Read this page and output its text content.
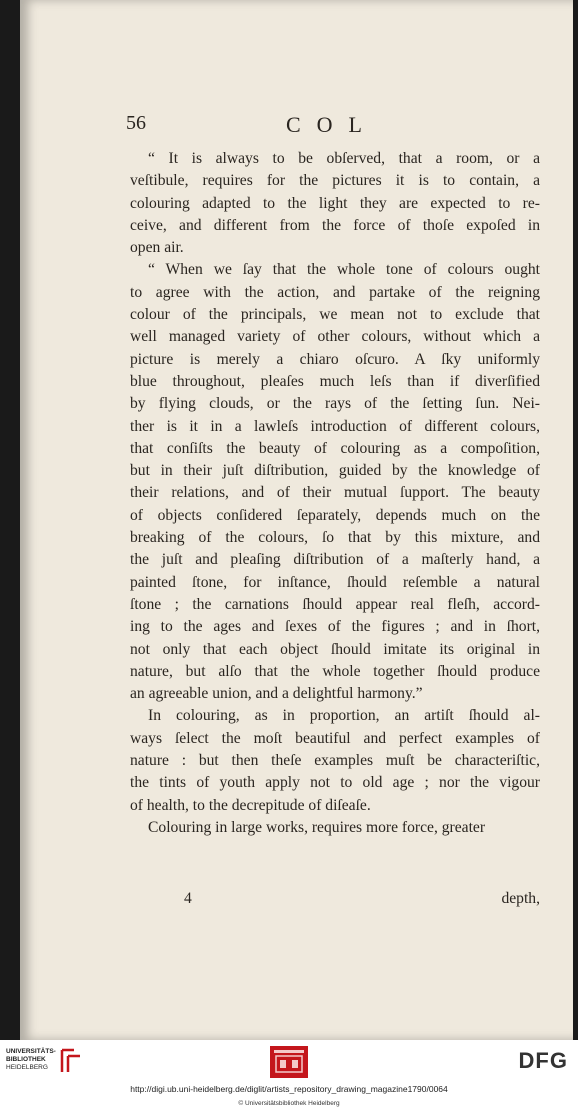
56	COL
“ It is always to be obſerved, that a room, or a
veſtibule, requires for the pictures it is to contain, a
colouring adapted to the light they are expected to re-
ceive, and different from the force of thoſe expoſed in
open air.
“ When we ſay that the whole tone of colours ought
to agree with the action, and partake of the reigning
colour of the principals, we mean not to exclude that
well managed variety of other colours, without which a
picture is merely a chiaro oſcuro. A ſky uniformly
blue throughout, pleaſes much leſs than if diverſified
by flying clouds, or the rays of the ſetting ſun. Nei-
ther is it in a lawleſs introduction of different colours,
that conſiſts the beauty of colouring as a compoſition,
but in their juſt diſtribution, guided by the knowledge of
their relations, and of their mutual ſupport. The beauty
of objects conſidered ſeparately, depends much on the
breaking of the colours, ſo that by this mixture, and
the juſt and pleaſing diſtribution of a maſterly hand, a
painted ſtone, for inſtance, ſhould reſemble a natural
ſtone ; the carnations ſhould appear real fleſh, accord-
ing to the ages and ſexes of the figures ; and in ſhort,
not only that each object ſhould imitate its original in
nature, but alſo that the whole together ſhould produce
an agreeable union, and a delightful harmony.”
In colouring, as in proportion, an artiſt ſhould al-
ways ſelect the moſt beautiful and perfect examples of
nature : but then theſe examples muſt be characteriſtic,
the tints of youth apply not to old age ; nor the vigour
of health, to the decrepitude of diſeaſe.
Colouring in large works, requires more force, greater
4	depth,
UNIVERSITÄTS-
BIBLIOTHEK
HEIDELBERG	DFG
http://digi.ub.uni-heidelberg.de/diglit/artists_repository_drawing_magazine1790/0064
© Universitätsbibliothek Heidelberg
